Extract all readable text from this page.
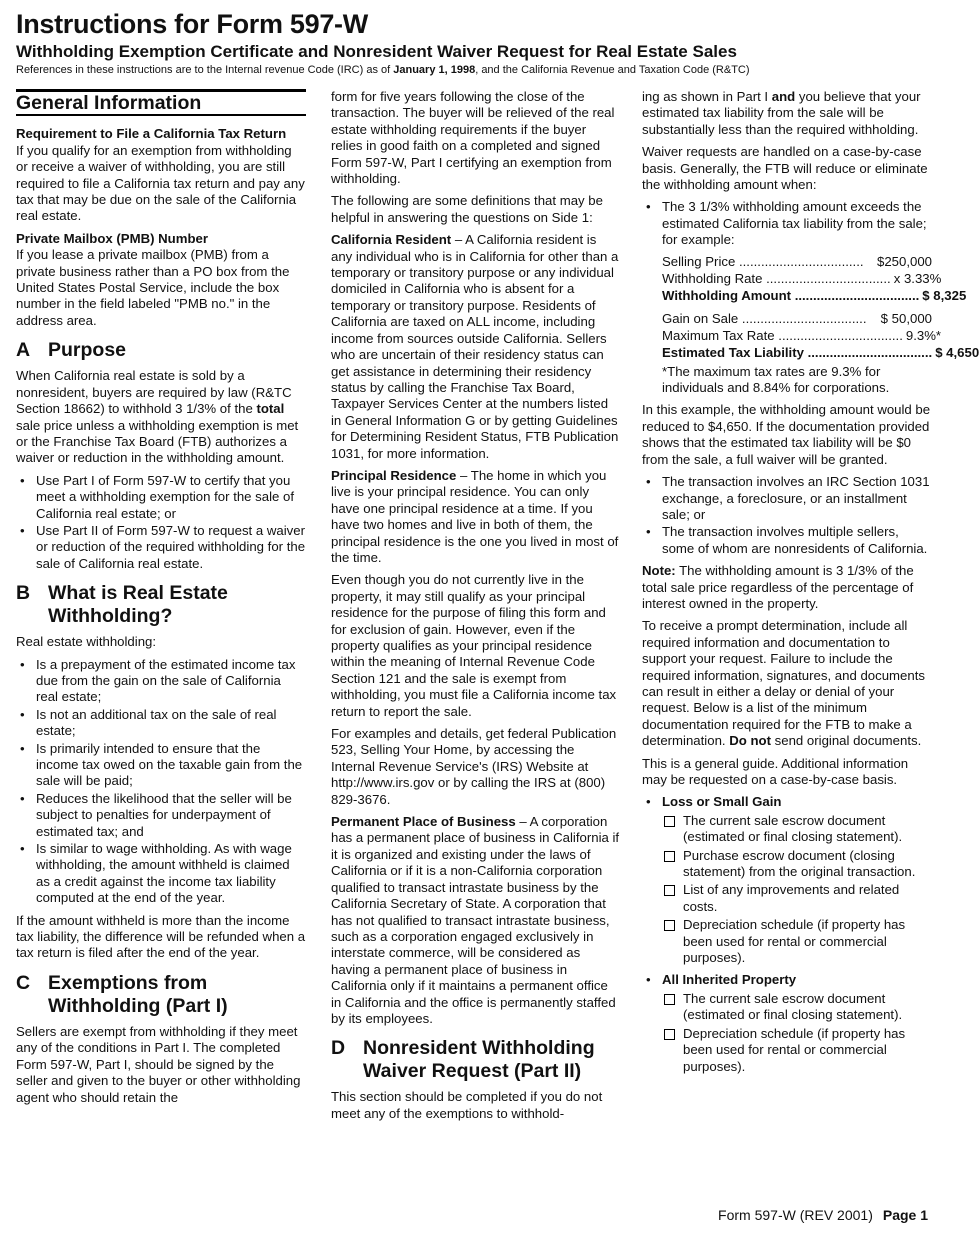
Instructions for Form 597-W
Withholding Exemption Certificate and Nonresident Waiver Request for Real Estate Sales
References in these instructions are to the Internal revenue Code (IRC) as of January 1, 1998, and the California Revenue and Taxation Code (R&TC)
General Information
Requirement to File a California Tax Return

If you qualify for an exemption from withholding or receive a waiver of withholding, you are still required to file a California tax return and pay any tax that may be due on the sale of the California real estate.

Private Mailbox (PMB) Number

If you lease a private mailbox (PMB) from a private business rather than a PO box from the United States Postal Service, include the box number in the field labeled "PMB no." in the address area.

A Purpose

When California real estate is sold by a nonresident, buyers are required by law (R&TC Section 18662) to withhold 3 1/3% of the total sale price unless a withholding exemption is met or the Franchise Tax Board (FTB) authorizes a waiver or reduction in the withholding amount.

• Use Part I of Form 597-W to certify that you meet a withholding exemption for the sale of California real estate; or
• Use Part II of Form 597-W to request a waiver or reduction of the required withholding for the sale of California real estate.
B What is Real Estate
Withholding?

Real estate withholding:

• Is a prepayment of the estimated income tax due from the gain on the sale of California real estate;
• Is not an additional tax on the sale of real estate;
• Is primarily intended to ensure that the income tax owed on the taxable gain from the sale will be paid;
• Reduces the likelihood that the seller will be subject to penalties for underpayment of estimated tax; and
• Is similar to wage withholding. As with wage withholding, the amount withheld is claimed as a credit against the income tax liability computed at the end of the year.

If the amount withheld is more than the income tax liability, the difference will be refunded when a tax return is filed after the end of the year.

C Exemptions from
Withholding (Part I)

Sellers are exempt from withholding if they meet any of the conditions in Part I. The completed Form 597-W, Part I, should be signed by the seller and given to the buyer or other withholding agent who should retain the

form for five years following the close of the transaction. The buyer will be relieved of the real estate withholding requirements if the buyer relies in good faith on a completed and signed Form 597-W, Part I certifying an exemption from withholding.

The following are some definitions that may be helpful in answering the questions on Side 1:

California Resident – A California resident is any individual who is in California for other than a temporary or transitory purpose or any individual domiciled in California who is absent for a temporary or transitory purpose. Residents of California are taxed on ALL income, including income from sources outside California. Sellers who are uncertain of their residency status can get assistance in determining their residency status by calling the Franchise Tax Board, Taxpayer Services Center at the numbers listed in General Information G or by getting Guidelines for Determining Resident Status, FTB Publication 1031, for more information.

Principal Residence – The home in which you live is your principal residence. You can only have one principal residence at a time. If you have two homes and live in both of them, the principal residence is the one you lived in most of the time.

Even though you do not currently live in the property, it may still qualify as your principal residence for the purpose of filing this form and for exclusion of gain. However, even if the property qualifies as your principal residence within the meaning of Internal Revenue Code Section 121 and the sale is exempt from withholding, you must file a California income tax return to report the sale.

For examples and details, get federal Publication 523, Selling Your Home, by accessing the Internal Revenue Service's (IRS) Website at http://www.irs.gov or by calling the IRS at (800) 829-3676.

Permanent Place of Business – A corporation has a permanent place of business in California if it is organized and existing under the laws of California or if it is a non-California corporation qualified to transact intrastate business by the California Secretary of State. A corporation that has not qualified to transact intrastate business, such as a corporation engaged exclusively in interstate commerce, will be considered as having a permanent place of business in California only if it maintains a permanent office in California and the office is permanently staffed by its employees.

D Nonresident Withholding
Waiver Request (Part II)

This section should be completed if you do not meet any of the exemptions to withhold-

ing as shown in Part I and you believe that your estimated tax liability from the sale will be substantially less than the required withholding.

Waiver requests are handled on a case-by-case basis. Generally, the FTB will reduce or eliminate the withholding amount when:

• The 3 1/3% withholding amount exceeds the estimated California tax liability from the sale; for example:
Selling Price ..................................	$250,000
Withholding Rate .................................. x 3.33%
Withholding Amount .................................. $ 8,325
Gain on Sale ..................................	$ 50,000
Maximum Tax Rate .................................. 9.3%*
Estimated Tax Liability .................................. $ 4,650
*The maximum tax rates are 9.3% for individuals and 8.84% for corporations.

In this example, the withholding amount would be reduced to $4,650. If the documentation provided shows that the estimated tax liability will be $0 from the sale, a full waiver will be granted.

• The transaction involves an IRC Section 1031 exchange, a foreclosure, or an installment sale; or
• The transaction involves multiple sellers, some of whom are nonresidents of California.

Note: The withholding amount is 3 1/3% of the total sale price regardless of the percentage of interest owned in the property.

To receive a prompt determination, include all required information and documentation to support your request. Failure to include the required information, signatures, and documents can result in either a delay or denial of your request. Below is a list of the minimum documentation required for the FTB to make a determination. Do not send original documents.

This is a general guide. Additional information may be requested on a case-by-case basis.

• Loss or Small Gain
The current sale escrow document (estimated or final closing statement).
Purchase escrow document (closing statement) from the original transaction.
List of any improvements and related costs.
Depreciation schedule (if property has been used for rental or commercial purposes).
• All Inherited Property
The current sale escrow document (estimated or final closing statement).
Depreciation schedule (if property has been used for rental or commercial purposes).
Form 597-W (REV 2001) Page 1
